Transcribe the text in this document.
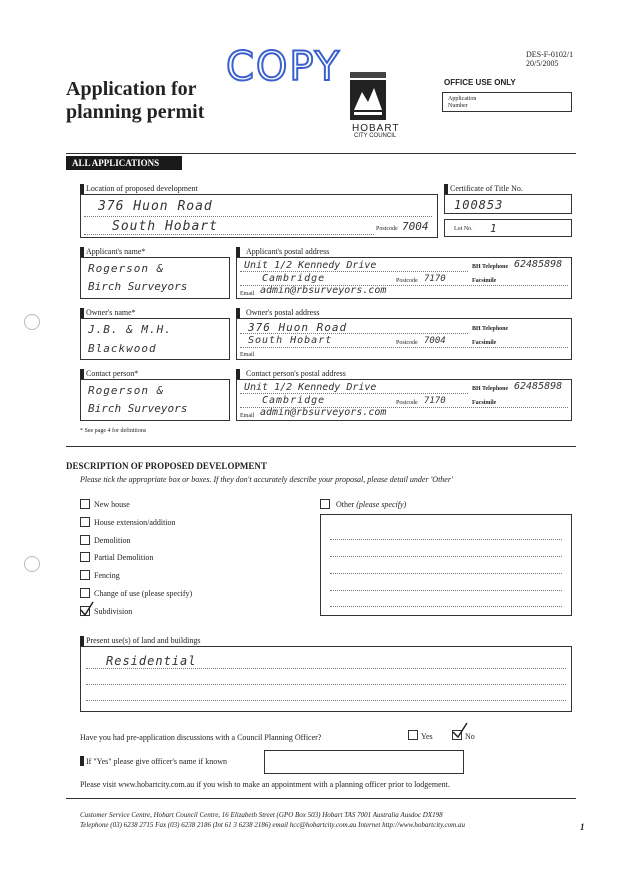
DES-F-0102/1
20/5/2005
Application for
planning permit
COPY
HOBART
CITY COUNCIL
OFFICE USE ONLY
Application
Number
ALL APPLICATIONS
Location of proposed development
376 Huon Road
South Hobart	Postcode 7004
Certificate of Title No.
100853
Lot No. 1
Applicant's name*
Rogerson &
Birch Surveyors
Applicant's postal address
Unit 1/2 Kennedy Drive
Cambridge	Postcode 7170
Email admin@rbsurveyors.com
BH Telephone 62485898
Facsimile
Owner's name*
J.B. & M.H.
Blackwood
Owner's postal address
376 Huon Road
South Hobart	Postcode 7004
Email
BH Telephone
Facsimile
Contact person*
Rogerson &
Birch Surveyors
Contact person's postal address
Unit 1/2 Kennedy Drive
Cambridge	Postcode 7170
Email admin@rbsurveyors.com
BH Telephone 62485898
Facsimile
* See page 4 for definitions
DESCRIPTION OF PROPOSED DEVELOPMENT
Please tick the appropriate box or boxes. If they don't accurately describe your proposal, please detail under 'Other'
New house
House extension/addition
Demolition
Partial Demolition
Fencing
Change of use (please specify)
Subdivision
Other (please specify)
Present use(s) of land and buildings
Residential
Have you had pre-application discussions with a Council Planning Officer?	Yes	No
If "Yes" please give officer's name if known
Please visit www.hobartcity.com.au if you wish to make an appointment with a planning officer prior to lodgement.
Customer Service Centre, Hobart Council Centre, 16 Elizabeth Street (GPO Box 503) Hobart TAS 7001 Australia Ausdoc DX198
Telephone (03) 6238 2715 Fax (03) 6238 2186 (Int 61 3 6238 2186) email hcc@hobartcity.com.au Internet http://www.hobartcity.com.au	1
